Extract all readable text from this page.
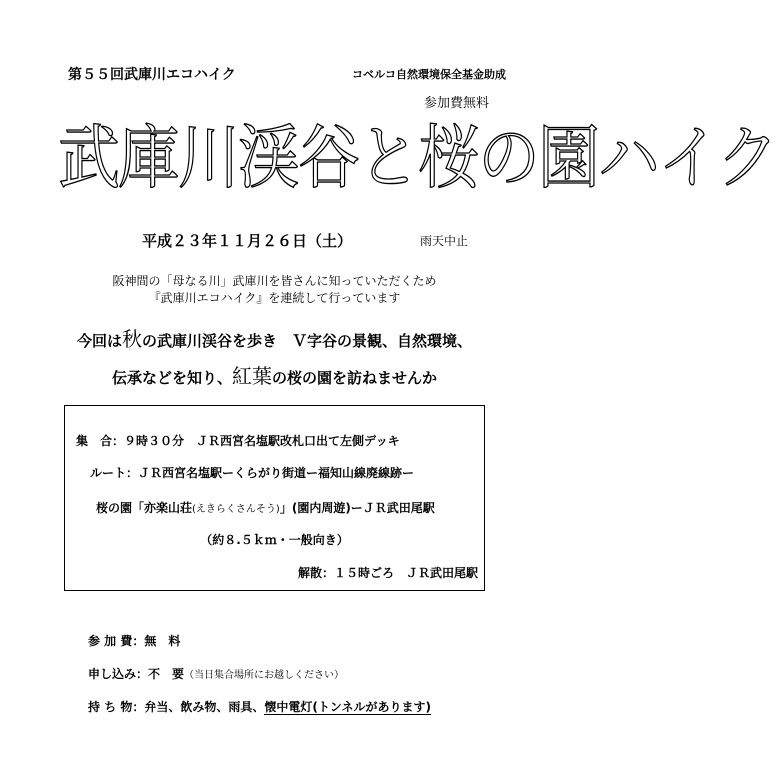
第５５回武庫川エコハイク	コベルコ自然環境保全基金助成
参加費無料
武庫川渓谷と桜の園ハイク
平成２３年１１月２６日（土）	雨天中止
阪神間の「母なる川」武庫川を皆さんに知っていただくため
『武庫川エコハイク』を連続して行っています
今回は秋の武庫川渓谷を歩き　Ｖ字谷の景観、自然環境、
伝承などを知り、紅葉の桜の園を訪ねませんか
集　合：９時３０分　ＪＲ西宮名塩駅改札口出て左側デッキ
ルート：ＪＲ西宮名塩駅ーくらがり街道ー福知山線廃線跡ー
桜の園「亦楽山荘(えきらくさんそう)」(園内周遊)ーＪＲ武田尾駅
（約８.５ｋｍ・一般向き）
解散：１５時ごろ　ＪＲ武田尾駅
参 加 費：無　料
申し込み：不　要（当日集合場所にお越しください）
持 ち 物：弁当、飲み物、雨具、懐中電灯(トンネルがあります)
